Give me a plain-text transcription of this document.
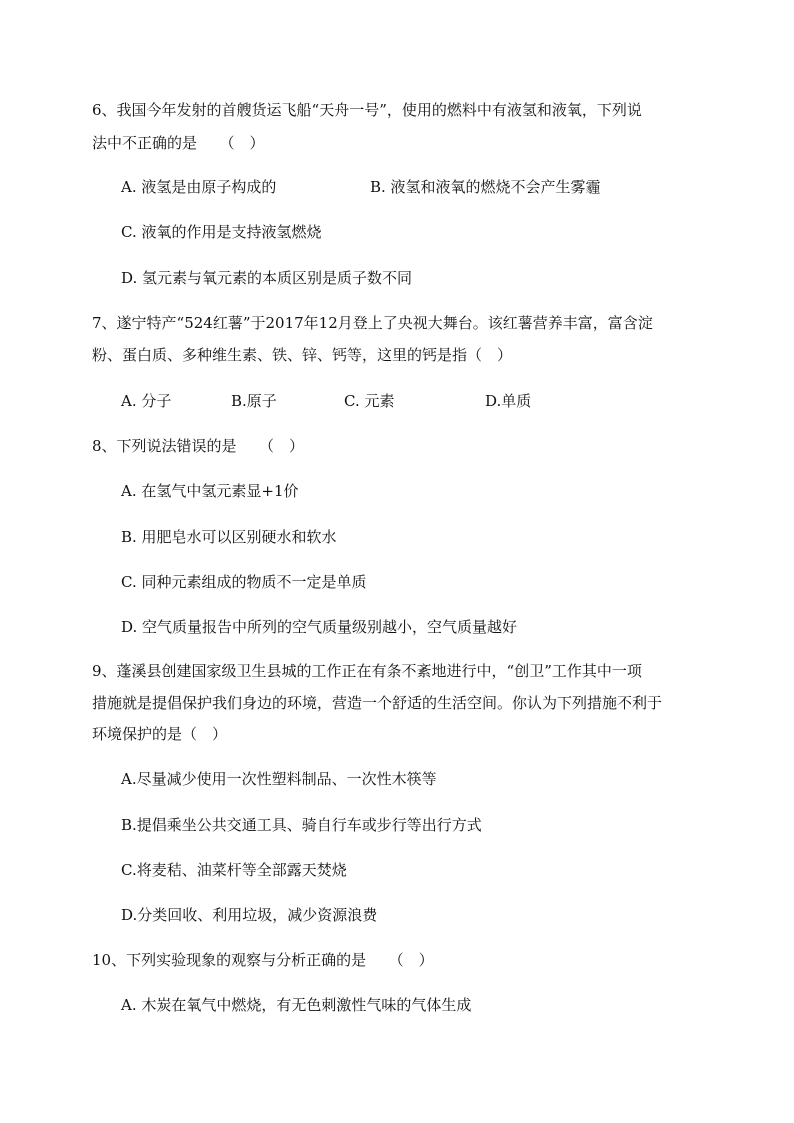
6、我国今年发射的首艘货运飞船“天舟一号”，使用的燃料中有液氢和液氧，下列说
法中不正确的是　　（　）
A. 液氢是由原子构成的	B. 液氢和液氧的燃烧不会产生雾霾
C. 液氧的作用是支持液氢燃烧
D. 氢元素与氧元素的本质区别是质子数不同
7、遂宁特产“524红薯”于2017年12月登上了央视大舞台。该红薯营养丰富，富含淀
粉、蛋白质、多种维生素、铁、锌、钙等，这里的钙是指（　）
A. 分子	B.原子	C. 元素	D.单质
8、下列说法错误的是　　（　）
A. 在氢气中氢元素显+1价
B. 用肥皂水可以区别硬水和软水
C. 同种元素组成的物质不一定是单质
D. 空气质量报告中所列的空气质量级别越小，空气质量越好
9、蓬溪县创建国家级卫生县城的工作正在有条不紊地进行中，“创卫”工作其中一项
措施就是提倡保护我们身边的环境，营造一个舒适的生活空间。你认为下列措施不利于
环境保护的是（　）
A.尽量减少使用一次性塑料制品、一次性木筷等
B.提倡乘坐公共交通工具、骑自行车或步行等出行方式
C.将麦秸、油菜杆等全部露天焚烧
D.分类回收、利用垃圾，减少资源浪费
10、下列实验现象的观察与分析正确的是　　（　）
A. 木炭在氧气中燃烧，有无色刺激性气味的气体生成
